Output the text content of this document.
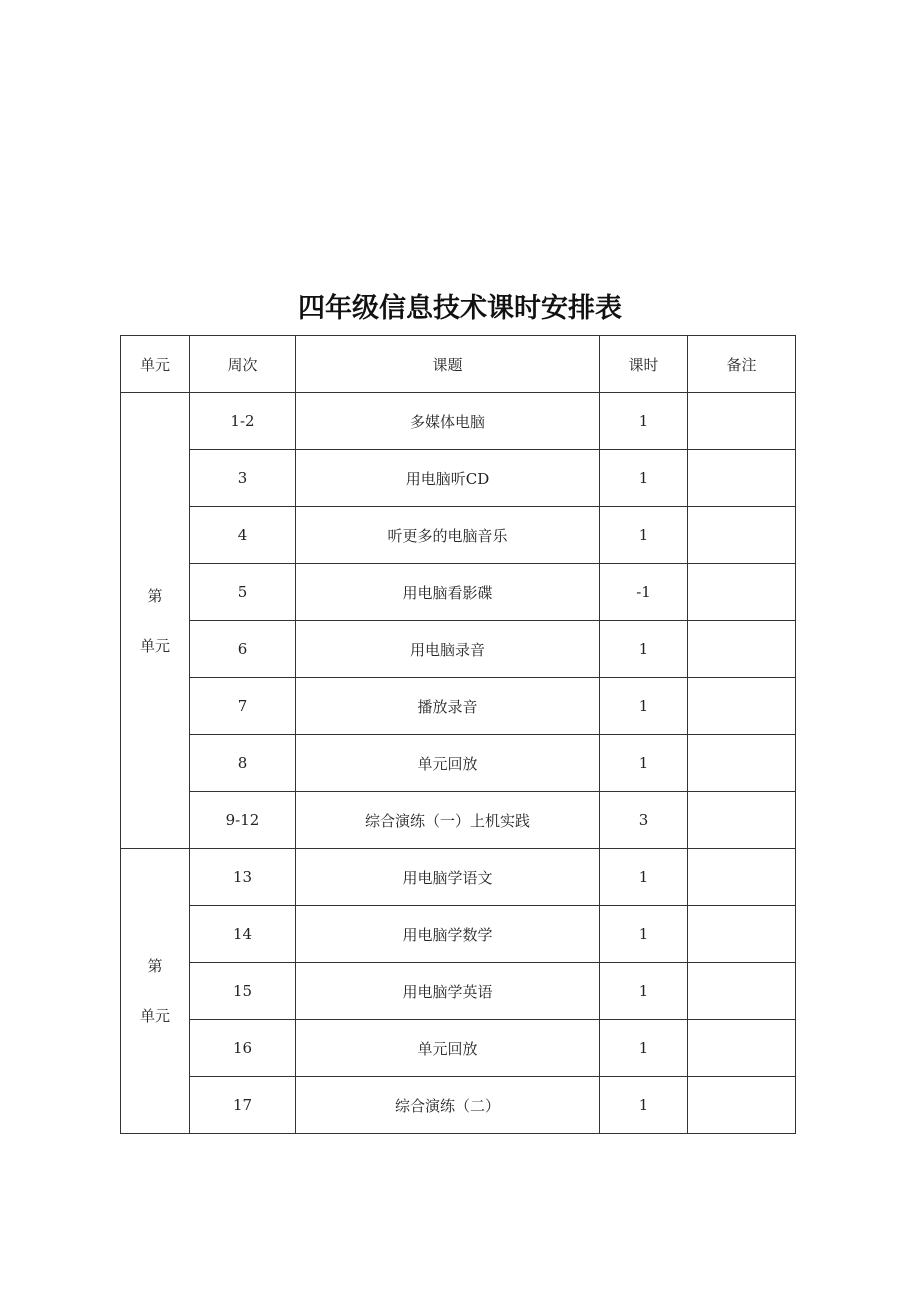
四年级信息技术课时安排表
单元	周次	课题	课时	备注

第
单元	1-2	多媒体电脑	1	
	3	用电脑听CD	1	
	4	听更多的电脑音乐	1	
	5	用电脑看影碟	-1	
	6	用电脑录音	1	
	7	播放录音	1	
	8	单元回放	1	
	9-12	综合演练（一）上机实践	3	

第
单元	13	用电脑学语文	1	
	14	用电脑学数学	1	
	15	用电脑学英语	1	
	16	单元回放	1	
	17	综合演练（二）	1	
